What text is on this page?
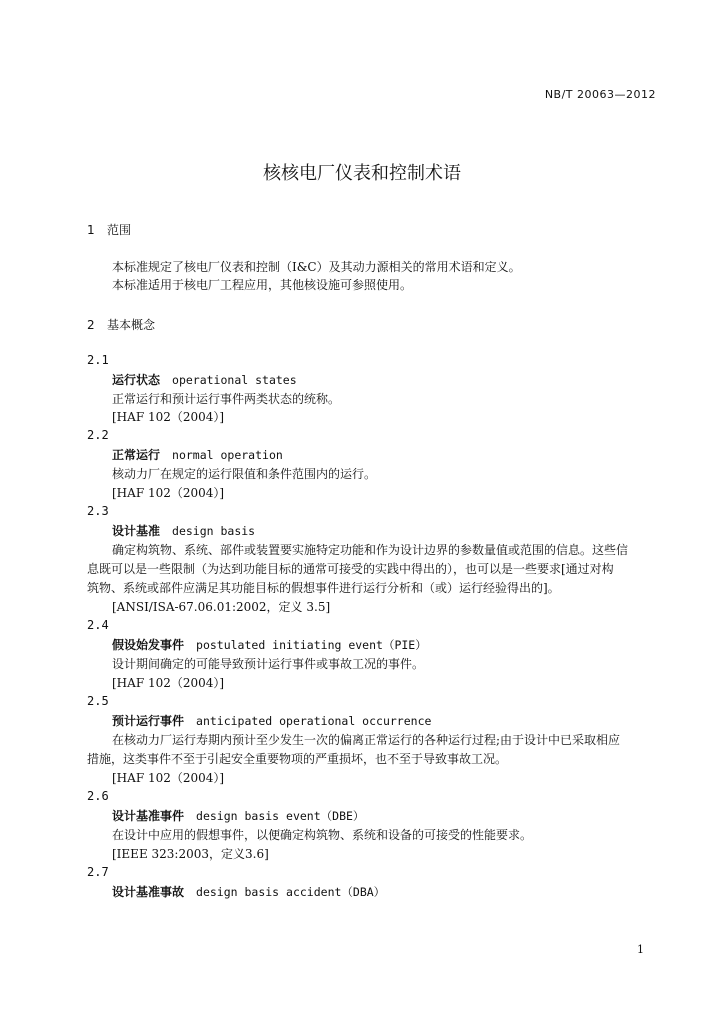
NB/T 20063—2012
核核电厂仪表和控制术语
1 范围
本标准规定了核电厂仪表和控制（I&C）及其动力源相关的常用术语和定义。
本标准适用于核电厂工程应用，其他核设施可参照使用。
2 基本概念
2.1
运行状态 operational states
正常运行和预计运行事件两类状态的统称。
[HAF 102（2004）]
2.2
正常运行 normal operation
核动力厂在规定的运行限值和条件范围内的运行。
[HAF 102（2004）]
2.3
设计基准 design basis
确定构筑物、系统、部件或装置要实施特定功能和作为设计边界的参数量值或范围的信息。这些信
息既可以是一些限制（为达到功能目标的通常可接受的实践中得出的），也可以是一些要求[通过对构
筑物、系统或部件应满足其功能目标的假想事件进行运行分析和（或）运行经验得出的]。
[ANSI/ISA-67.06.01:2002，定义 3.5]
2.4
假设始发事件 postulated initiating event（PIE）
设计期间确定的可能导致预计运行事件或事故工况的事件。
[HAF 102（2004）]
2.5
预计运行事件 anticipated operational occurrence
在核动力厂运行寿期内预计至少发生一次的偏离正常运行的各种运行过程;由于设计中已采取相应
措施，这类事件不至于引起安全重要物项的严重损坏，也不至于导致事故工况。
[HAF 102（2004）]
2.6
设计基准事件 design basis event（DBE）
在设计中应用的假想事件，以便确定构筑物、系统和设备的可接受的性能要求。
[IEEE 323:2003，定义3.6]
2.7
设计基准事故 design basis accident（DBA）
1
